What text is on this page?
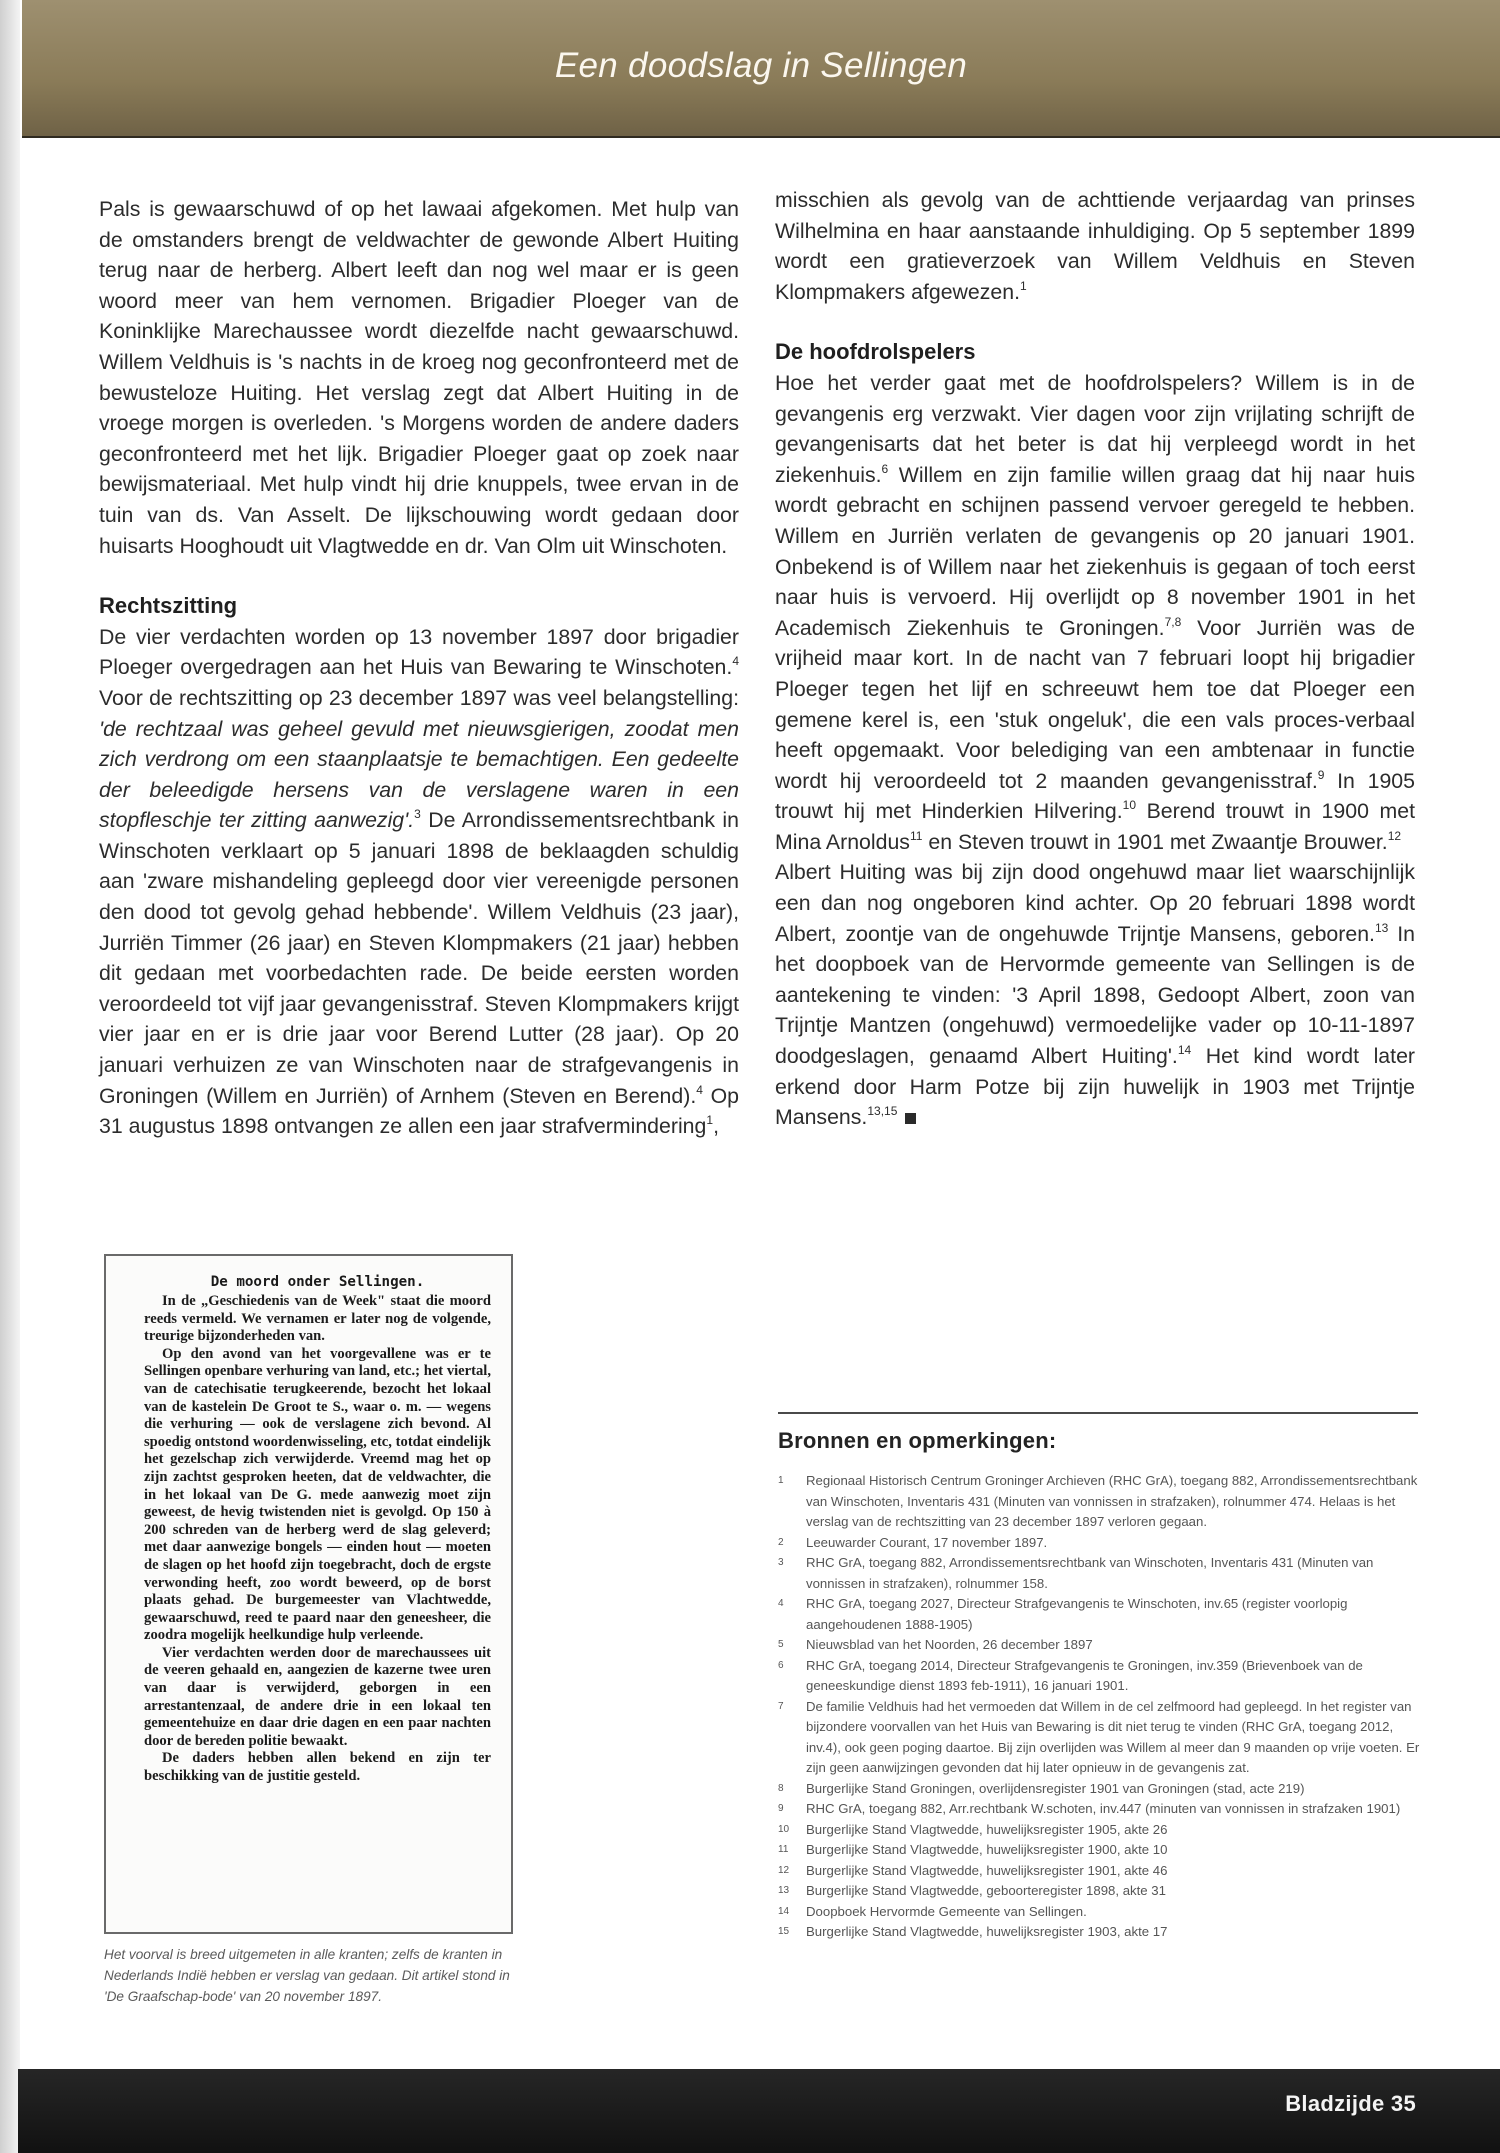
Een doodslag in Sellingen

Pals is gewaarschuwd of op het lawaai afgekomen. Met hulp van de omstanders brengt de veldwachter de gewonde Albert Huiting terug naar de herberg. Albert leeft dan nog wel maar er is geen woord meer van hem vernomen. Brigadier Ploeger van de Koninklijke Marechaussee wordt diezelfde nacht gewaarschuwd. Willem Veldhuis is 's nachts in de kroeg nog geconfronteerd met de bewusteloze Huiting. Het verslag zegt dat Albert Huiting in de vroege morgen is overleden. 's Morgens worden de andere daders geconfronteerd met het lijk. Brigadier Ploeger gaat op zoek naar bewijsmateriaal. Met hulp vindt hij drie knuppels, twee ervan in de tuin van ds. Van Asselt. De lijkschouwing wordt gedaan door huisarts Hooghoudt uit Vlagtwedde en dr. Van Olm uit Winschoten.

Rechtszitting

De vier verdachten worden op 13 november 1897 door brigadier Ploeger overgedragen aan het Huis van Bewaring te Winschoten.$^4$ Voor de rechtszitting op 23 december 1897 was veel belangstelling: 'de rechtzaal was geheel gevuld met nieuwsgierigen, zoodat men zich verdrong om een staanplaatsje te bemachtigen. Een gedeelte der beleedigde hersens van de verslagene waren in een stopfleschje ter zitting aanwezig'.$^3$ De Arrondissementsrechtbank in Winschoten verklaart op 5 januari 1898 de beklaagden schuldig aan 'zware mishandeling gepleegd door vier vereenigde personen den dood tot gevolg gehad hebbende'. Willem Veldhuis (23 jaar), Jurriën Timmer (26 jaar) en Steven Klompmakers (21 jaar) hebben dit gedaan met voorbedachten rade. De beide eersten worden veroordeeld tot vijf jaar gevangenisstraf. Steven Klompmakers krijgt vier jaar en er is drie jaar voor Berend Lutter (28 jaar). Op 20 januari verhuizen ze van Winschoten naar de strafgevangenis in Groningen (Willem en Jurriën) of Arnhem (Steven en Berend).$^4$ Op 31 augustus 1898 ontvangen ze allen een jaar strafvermindering$^1$,

misschien als gevolg van de achttiende verjaardag van prinses Wilhelmina en haar aanstaande inhuldiging. Op 5 september 1899 wordt een gratieverzoek van Willem Veldhuis en Steven Klompmakers afgewezen.$^1$

De hoofdrolspelers

Hoe het verder gaat met de hoofdrolspelers? Willem is in de gevangenis erg verzwakt. Vier dagen voor zijn vrijlating schrijft de gevangenisarts dat het beter is dat hij verpleegd wordt in het ziekenhuis.$^6$ Willem en zijn familie willen graag dat hij naar huis wordt gebracht en schijnen passend vervoer geregeld te hebben. Willem en Jurriën verlaten de gevangenis op 20 januari 1901. Onbekend is of Willem naar het ziekenhuis is gegaan of toch eerst naar huis is vervoerd. Hij overlijdt op 8 november 1901 in het Academisch Ziekenhuis te Groningen.$^{7,8}$ Voor Jurriën was de vrijheid maar kort. In de nacht van 7 februari loopt hij brigadier Ploeger tegen het lijf en schreeuwt hem toe dat Ploeger een gemene kerel is, een 'stuk ongeluk', die een vals proces-verbaal heeft opgemaakt. Voor belediging van een ambtenaar in functie wordt hij veroordeeld tot 2 maanden gevangenisstraf.$^9$ In 1905 trouwt hij met Hinderkien Hilvering.$^{10}$ Berend trouwt in 1900 met Mina Arnoldus$^{11}$ en Steven trouwt in 1901 met Zwaantje Brouwer.$^{12}$

Albert Huiting was bij zijn dood ongehuwd maar liet waarschijnlijk een dan nog ongeboren kind achter. Op 20 februari 1898 wordt Albert, zoontje van de ongehuwde Trijntje Mansens, geboren.$^{13}$ In het doopboek van de Hervormde gemeente van Sellingen is de aantekening te vinden: '3 April 1898, Gedoopt Albert, zoon van Trijntje Mantzen (ongehuwd) vermoedelijke vader op 10-11-1897 doodgeslagen, genaamd Albert Huiting'.$^{14}$ Het kind wordt later erkend door Harm Potze bij zijn huwelijk in 1903 met Trijntje Mansens.$^{13,15}$

De moord onder Sellingen.

In de „Geschiedenis van de Week" staat die moord reeds vermeld. We vernamen er later nog de volgende, treurige bijzonderheden van.

Op den avond van het voorgevallene was er te Sellingen openbare verhuring van land, etc.; het viertal, van de catechisatie terugkeerende, bezocht het lokaal van de kastelein De Groot te S., waar o. m. — wegens die verhuring — ook de verslagene zich bevond. Al spoedig ontstond woordenwisseling, etc, totdat eindelijk het gezelschap zich verwijderde. Vreemd mag het op zijn zachtst gesproken heeten, dat de veldwachter, die in het lokaal van De G. mede aanwezig moet zijn geweest, de hevig twistenden niet is gevolgd. Op 150 à 200 schreden van de herberg werd de slag geleverd; met daar aanwezige bongels — einden hout — moeten de slagen op het hoofd zijn toegebracht, doch de ergste verwonding heeft, zoo wordt beweerd, op de borst plaats gehad. De burgemeester van Vlachtwedde, gewaarschuwd, reed te paard naar den geneesheer, die zoodra mogelijk heelkundige hulp verleende.

Vier verdachten werden door de marechaussees uit de veeren gehaald en, aangezien de kazerne twee uren van daar is verwijderd, geborgen in een arrestantenzaal, de andere drie in een lokaal ten gemeentehuize en daar drie dagen en een paar nachten door de bereden politie bewaakt.

De daders hebben allen bekend en zijn ter beschikking van de justitie gesteld.

Het voorval is breed uitgemeten in alle kranten; zelfs de kranten in Nederlands Indië hebben er verslag van gedaan. Dit artikel stond in 'De Graafschap-bode' van 20 november 1897.
Bronnen en opmerkingen:
1	Regionaal Historisch Centrum Groninger Archieven (RHC GrA), toegang 882, Arrondissementsrechtbank van Winschoten, Inventaris 431 (Minuten van vonnissen in strafzaken), rolnummer 474. Helaas is het verslag van de rechtszitting van 23 december 1897 verloren gegaan.
2	Leeuwarder Courant, 17 november 1897.
3	RHC GrA, toegang 882, Arrondissementsrechtbank van Winschoten, Inventaris 431 (Minuten van vonnissen in strafzaken), rolnummer 158.
4	RHC GrA, toegang 2027, Directeur Strafgevangenis te Winschoten, inv.65 (register voorlopig aangehoudenen 1888-1905)
5	Nieuwsblad van het Noorden, 26 december 1897
6	RHC GrA, toegang 2014, Directeur Strafgevangenis te Groningen, inv.359 (Brievenboek van de geneeskundige dienst 1893 feb-1911), 16 januari 1901.
7	De familie Veldhuis had het vermoeden dat Willem in de cel zelfmoord had gepleegd. In het register van bijzondere voorvallen van het Huis van Bewaring is dit niet terug te vinden (RHC GrA, toegang 2012, inv.4), ook geen poging daartoe. Bij zijn overlijden was Willem al meer dan 9 maanden op vrije voeten. Er zijn geen aanwijzingen gevonden dat hij later opnieuw in de gevangenis zat.
8	Burgerlijke Stand Groningen, overlijdensregister 1901 van Groningen (stad, acte 219)
9	RHC GrA, toegang 882, Arr.rechtbank W.schoten, inv.447 (minuten van vonnissen in strafzaken 1901)
10	Burgerlijke Stand Vlagtwedde, huwelijksregister 1905, akte 26
11	Burgerlijke Stand Vlagtwedde, huwelijksregister 1900, akte 10
12	Burgerlijke Stand Vlagtwedde, huwelijksregister 1901, akte 46
13	Burgerlijke Stand Vlagtwedde, geboorteregister 1898, akte 31
14	Doopboek Hervormde Gemeente van Sellingen.
15	Burgerlijke Stand Vlagtwedde, huwelijksregister 1903, akte 17
Bladzijde 35
